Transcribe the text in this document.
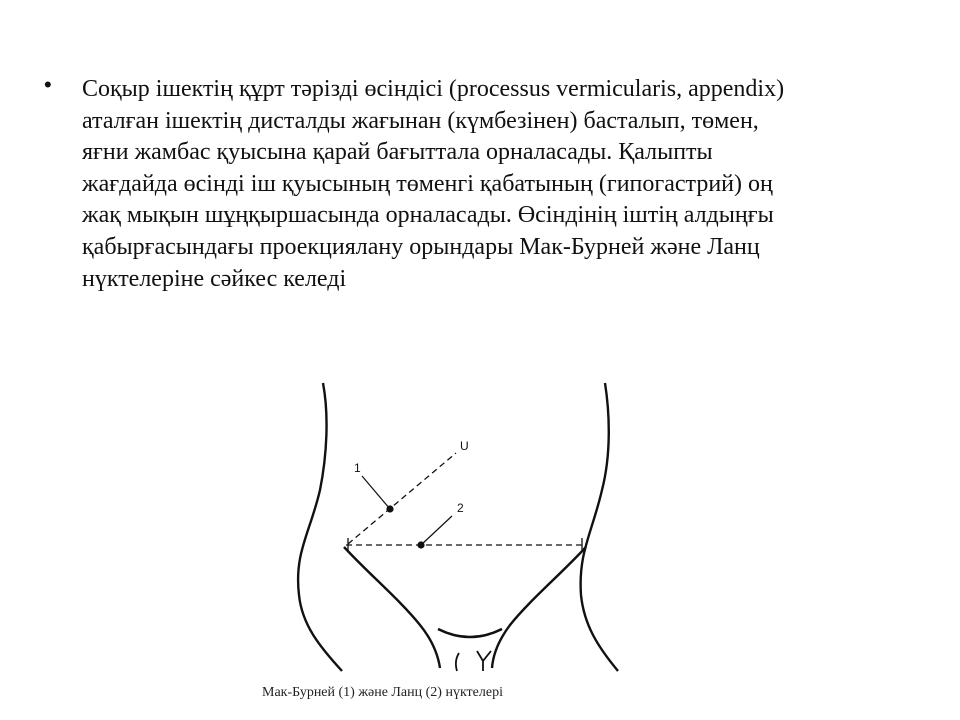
• Соқыр ішектің құрт тәрізді өсіндісі (processus vermicularis, appendix)
аталған ішектің дисталды жағынан (күмбезінен) басталып, төмен,
яғни жамбас қуысына қарай бағыттала орналасады. Қалыпты
жағдайда өсінді іш қуысының төменгі қабатының (гипогастрий) оң
жақ мықын шұңқыршасында орналасады. Өсіндінің іштің алдыңғы
қабырғасындағы проекциялану орындары Мак-Бурней және Ланц
нүктелеріне сәйкес келеді

U
1
2
Мак-Бурней (1) және Ланц (2) нүктелері
